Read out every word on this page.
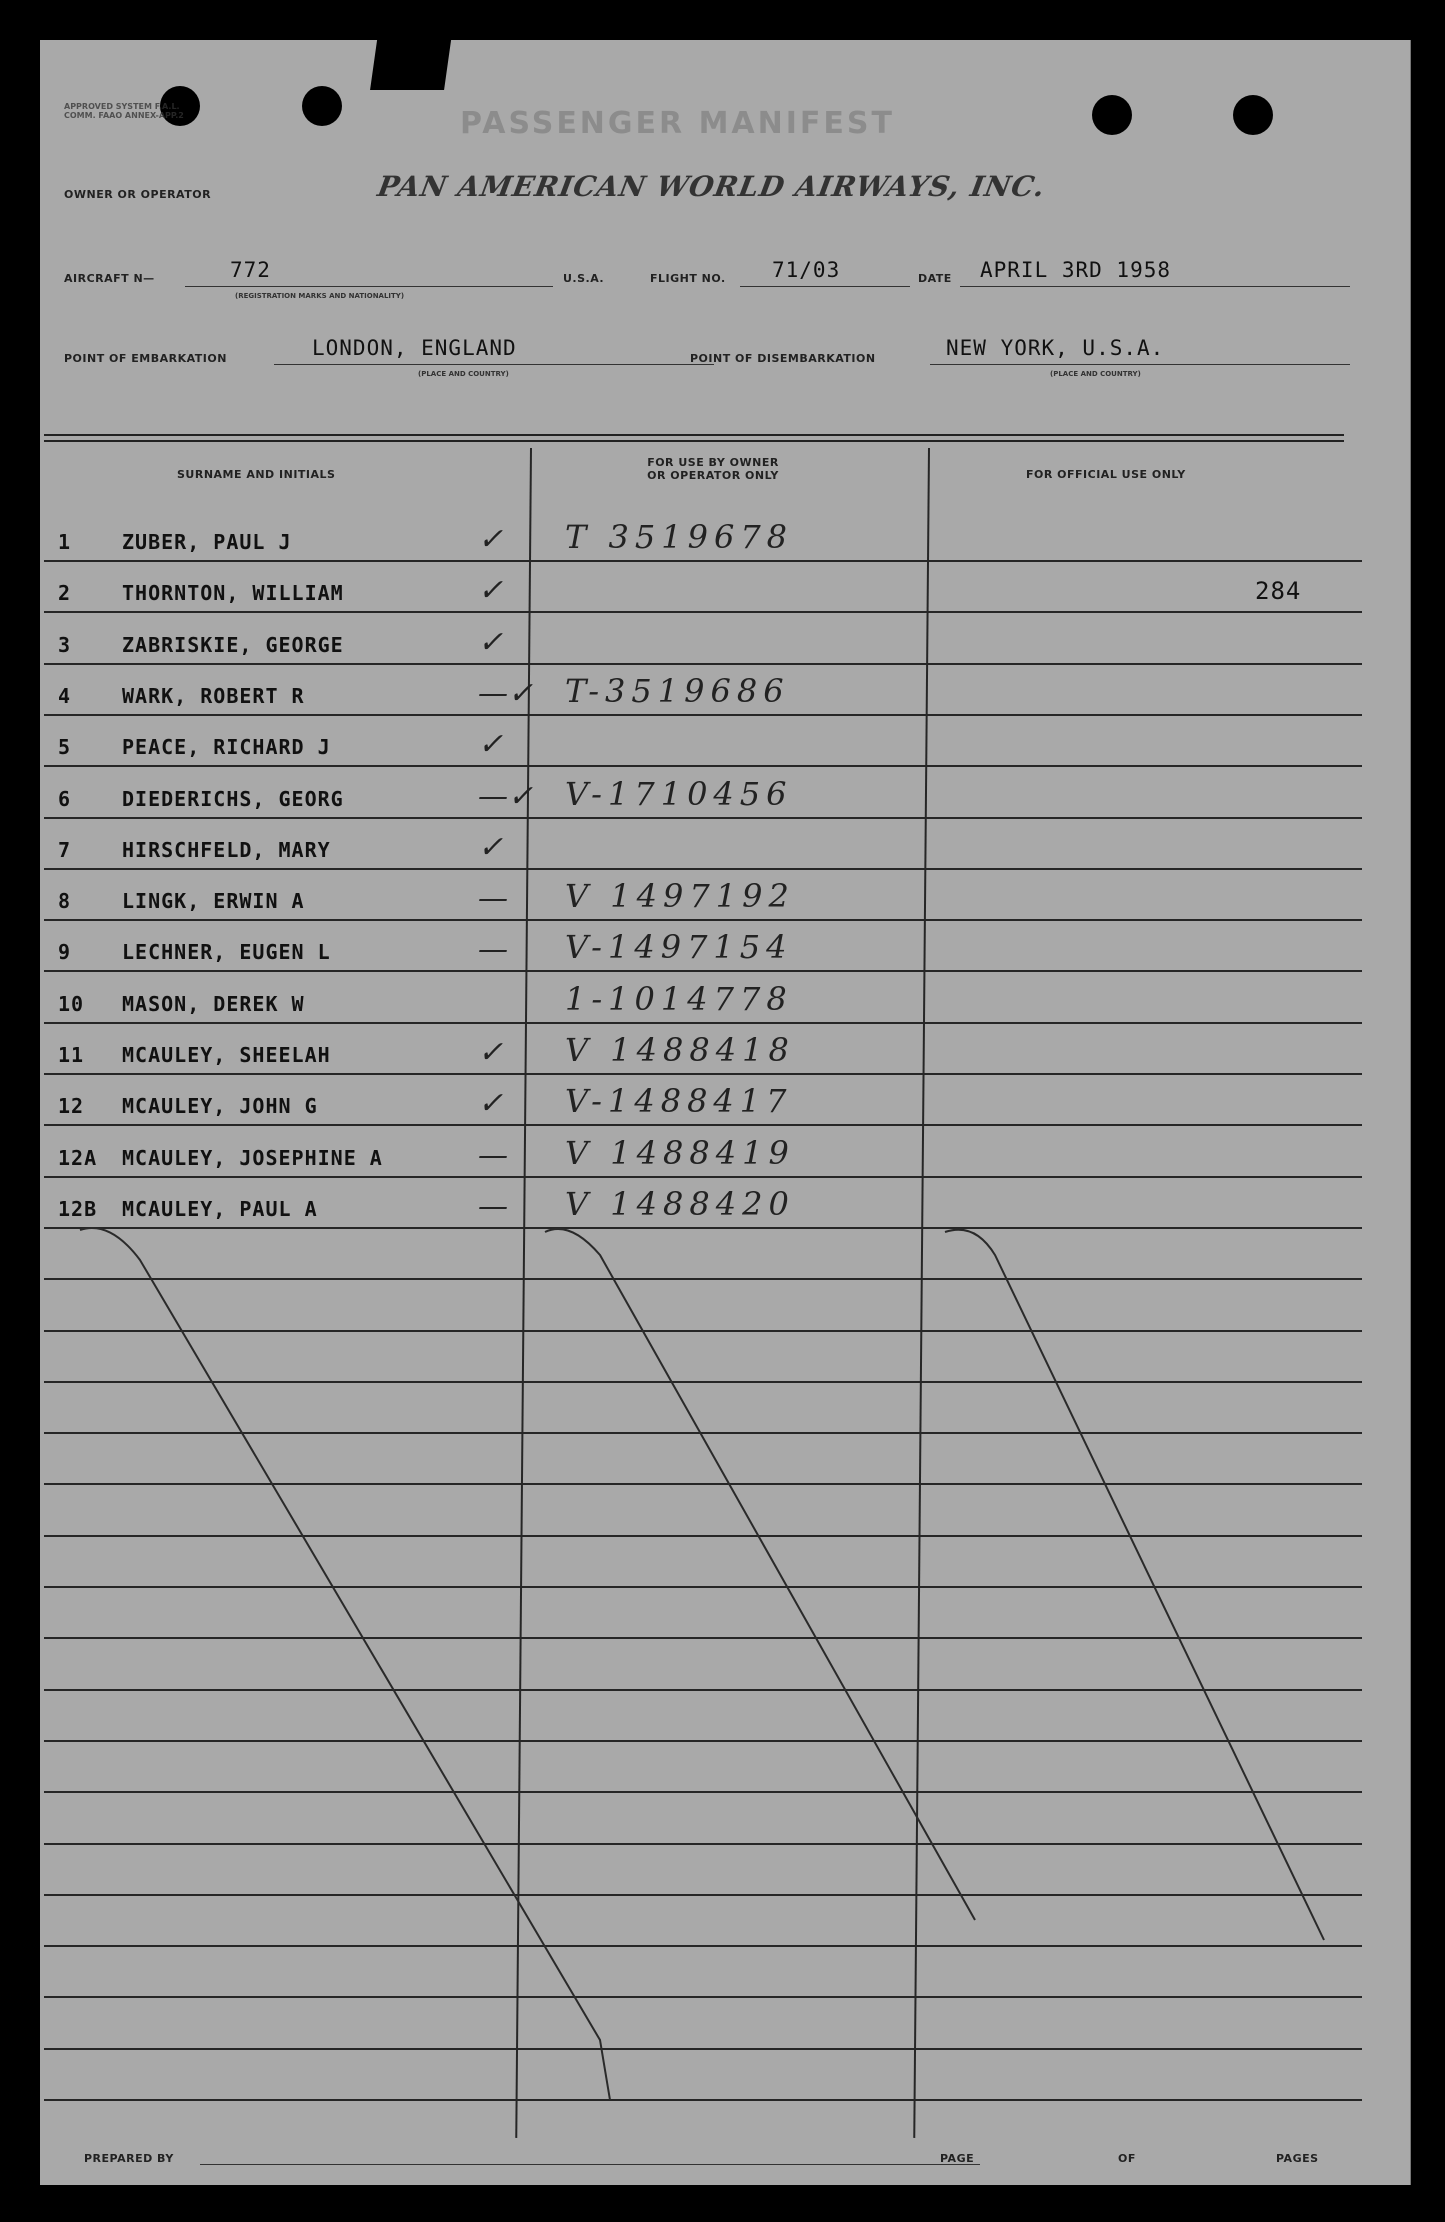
APPROVED SYSTEM F.A.L. COMM. FAAO ANNEX-APP.2	PASSENGER MANIFEST
OWNER OR OPERATOR	PAN AMERICAN WORLD AIRWAYS, INC.
AIRCRAFT N—	772
(REGISTRATION MARKS AND NATIONALITY)
U.S.A.	FLIGHT NO. 71/03	DATE APRIL 3RD 1958
POINT OF EMBARKATION	LONDON, ENGLAND
(PLACE AND COUNTRY)
POINT OF DISEMBARKATION	NEW YORK, U.S.A.
(PLACE AND COUNTRY)
SURNAME AND INITIALS
FOR USE BY OWNER OR OPERATOR ONLY	FOR OFFICIAL USE ONLY
1	ZUBER, PAUL J	✓ T 3519678
2	THORNTON, WILLIAM	✓	284
3	ZABRISKIE, GEORGE	✓
4	WARK, ROBERT R	—✓ T-3519686
5	PEACE, RICHARD J	✓
6	DIEDERICHS, GEORG	—✓ V-1710456
7	HIRSCHFELD, MARY	✓
8	LINGK, ERWIN A	— V 1497192
9	LECHNER, EUGEN L	— V-1497154
10 MASON, DEREK W	1-1014778
11 MCAULEY, SHEELAH	✓ V 1488418
12 MCAULEY, JOHN G	✓ V-1488417
12A MCAULEY, JOSEPHINE A	— V 1488419
12B MCAULEY, PAUL A	— V 1488420
PREPARED BY	PAGE	OF	PAGES
